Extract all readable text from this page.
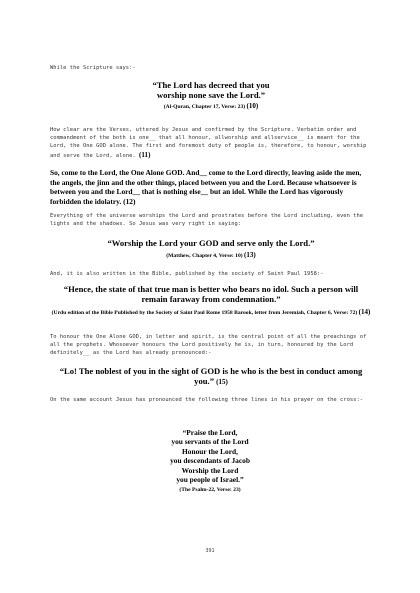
While the Scripture says:-

“The Lord has decreed that you
worship none save the Lord.”
(Al-Quran, Chapter 17, Verse: 23) (10)

How clear are the Verses, uttered by Jesus and confirmed by the Scripture. Verbatim order and commandment of the both is one__ that all honour, allworship and allservice__ is meant for the Lord, the One GOD alone. The first and foremost duty of people is, therefore, to honour, worship and serve the Lord, alone. (11)

So, come to the Lord, the One Alone GOD. And__ come to the Lord directly, leaving aside the men, the angels, the jinn and the other things, placed between you and the Lord. Because whatsoever is between you and the Lord__ that is nothing else__ but an idol. While the Lord has vigorously forbidden the idolatry. (12)

Everything of the universe worships the Lord and prostrates before the Lord including, even the lights and the shadows. So Jesus was very right in saying:

“Worship the Lord your GOD and serve only the Lord.”
(Matthew, Chapter 4, Verse: 10) (13)

And, it is also written in the Bible, published by the society of Saint Paul 1958:-

“Hence, the state of that true man is better who bears no idol. Such a person will remain faraway from condemnation.”
(Urdu edition of the Bible Published by the Society of Saint Paul Rome 1958 Barook, letter from Jeremiah, Chapter 6, Verse: 72) (14)

To honour the One Alone GOD, in letter and spirit, is the central point of all the preachings of all the prophets. Whosoever honours the Lord positively he is, in turn, honoured by the Lord definitely__ as the Lord has already pronounced:-

“Lo! The noblest of you in the sight of GOD is he who is the best in conduct among you.” (15)

On the same account Jesus has pronounced the following three lines in his prayer on the cross:-

“Praise the Lord,
you servants of the Lord
Honour the Lord,
you descendants of Jacob
Worship the Lord
you people of Israel.”
(The Psalm-22, Verse: 23)
391
